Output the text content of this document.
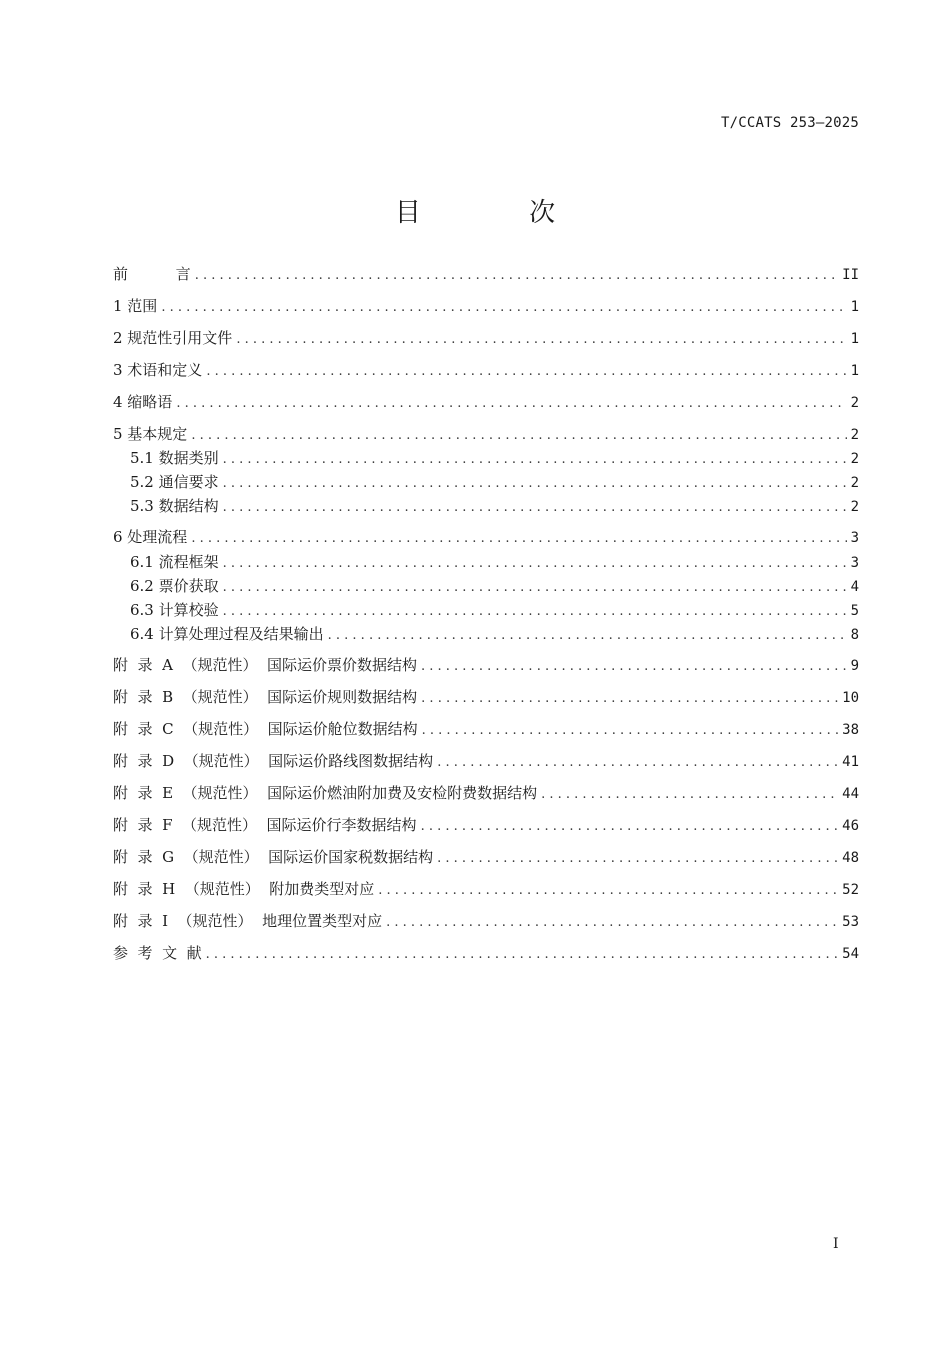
T/CCATS 253—2025
目 次
前          言 . . .	II
1 范围 . . .	1
2 规范性引用文件 . . .	1
3 术语和定义 . . .	1
4 缩略语 . . .	2
5 基本规定 . . .	2
5.1 数据类别 . . .	2
5.2 通信要求 . . .	2
5.3 数据结构 . . .	2
6 处理流程 . . .	3
6.1 流程框架 . . .	3
6.2 票价获取 . . .	4
6.3 计算校验 . . .	5
6.4 计算处理过程及结果输出 . . .	8
附  录  A  （规范性）  国际运价票价数据结构 . . .	9
附  录  B  （规范性）  国际运价规则数据结构 . . .	10
附  录  C  （规范性）  国际运价舱位数据结构 . . .	38
附  录  D  （规范性）  国际运价路线图数据结构 . . .	41
附  录  E  （规范性）  国际运价燃油附加费及安检附费数据结构 . . .	44
附  录  F  （规范性）  国际运价行李数据结构 . . .	46
附  录  G  （规范性）  国际运价国家税数据结构 . . .	48
附  录  H  （规范性）  附加费类型对应 . . .	52
附  录  I  （规范性）  地理位置类型对应 . . .	53
参  考  文  献 . . .	54
I
